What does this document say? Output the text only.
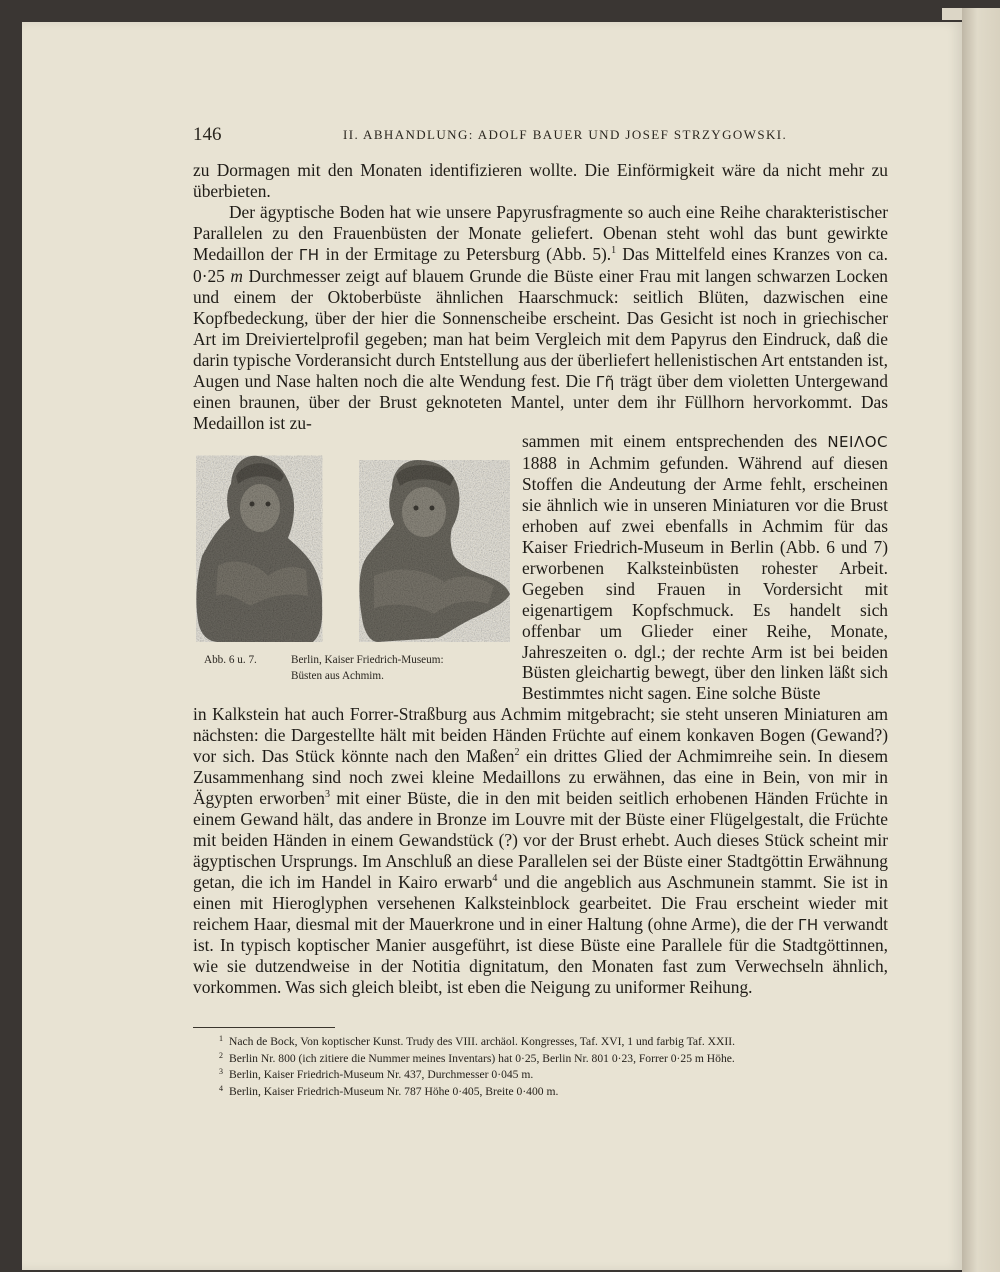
146	II. ABHANDLUNG: ADOLF BAUER UND JOSEF STRZYGOWSKI.

zu Dormagen mit den Monaten identifizieren wollte. Die Einförmigkeit wäre da nicht mehr zu überbieten.

Der ägyptische Boden hat wie unsere Papyrusfragmente so auch eine Reihe charakteristischer Parallelen zu den Frauenbüsten der Monate geliefert. Obenan steht wohl das bunt gewirkte Medaillon der ΓΗ in der Ermitage zu Petersburg (Abb. 5).$^1$ Das Mittelfeld eines Kranzes von ca. 0·25 m Durchmesser zeigt auf blauem Grunde die Büste einer Frau mit langen schwarzen Locken und einem der Oktoberbüste ähnlichen Haarschmuck: seitlich Blüten, dazwischen eine Kopfbedeckung, über der hier die Sonnenscheibe erscheint. Das Gesicht ist noch in griechischer Art im Dreiviertelprofil gegeben; man hat beim Vergleich mit dem Papyrus den Eindruck, daß die darin typische Vorderansicht durch Entstellung aus der überliefert hellenistischen Art entstanden ist, Augen und Nase halten noch die alte Wendung fest. Die Γη̃ trägt über dem violetten Untergewand einen braunen, über der Brust geknoteten Mantel, unter dem ihr Füllhorn hervorkommt. Das Medaillon ist zu-

sammen mit einem entsprechenden des ΝΕΙΛΟϹ 1888 in Achmim gefunden. Während auf diesen Stoffen die Andeutung der Arme fehlt, erscheinen sie ähnlich wie in unseren Miniaturen vor die Brust erhoben auf zwei ebenfalls in Achmim für das Kaiser Friedrich-Museum in Berlin (Abb. 6 und 7) erworbenen Kalksteinbüsten rohester Arbeit. Gegeben sind Frauen in Vordersicht mit eigenartigem Kopfschmuck. Es handelt sich offenbar um Glieder einer Reihe, Monate, Jahreszeiten o. dgl.; der rechte Arm ist bei beiden Büsten gleichartig bewegt, über den linken läßt sich Bestimmtes nicht sagen. Eine solche Büste

Abb. 6 u. 7.	Berlin, Kaiser Friedrich-Museum:
Büsten aus Achmim.

in Kalkstein hat auch Forrer-Straßburg aus Achmim mitgebracht; sie steht unseren Miniaturen am nächsten: die Dargestellte hält mit beiden Händen Früchte auf einem konkaven Bogen (Gewand?) vor sich. Das Stück könnte nach den Maßen$^2$ ein drittes Glied der Achmimreihe sein. In diesem Zusammenhang sind noch zwei kleine Medaillons zu erwähnen, das eine in Bein, von mir in Ägypten erworben$^3$ mit einer Büste, die in den mit beiden seitlich erhobenen Händen Früchte in einem Gewand hält, das andere in Bronze im Louvre mit der Büste einer Flügelgestalt, die Früchte mit beiden Händen in einem Gewandstück (?) vor der Brust erhebt. Auch dieses Stück scheint mir ägyptischen Ursprungs. Im Anschluß an diese Parallelen sei der Büste einer Stadtgöttin Erwähnung getan, die ich im Handel in Kairo erwarb$^4$ und die angeblich aus Aschmunein stammt. Sie ist in einen mit Hieroglyphen versehenen Kalksteinblock gearbeitet. Die Frau erscheint wieder mit reichem Haar, diesmal mit der Mauerkrone und in einer Haltung (ohne Arme), die der ΓΗ verwandt ist. In typisch koptischer Manier ausgeführt, ist diese Büste eine Parallele für die Stadtgöttinnen, wie sie dutzendweise in der Notitia dignitatum, den Monaten fast zum Verwechseln ähnlich, vorkommen. Was sich gleich bleibt, ist eben die Neigung zu uniformer Reihung.

1 Nach de Bock, Von koptischer Kunst. Trudy des VIII. archäol. Kongresses, Taf. XVI, 1 und farbig Taf. XXII.
2 Berlin Nr. 800 (ich zitiere die Nummer meines Inventars) hat 0·25, Berlin Nr. 801 0·23, Forrer 0·25 m Höhe.
3 Berlin, Kaiser Friedrich-Museum Nr. 437, Durchmesser 0·045 m.
4 Berlin, Kaiser Friedrich-Museum Nr. 787 Höhe 0·405, Breite 0·400 m.
